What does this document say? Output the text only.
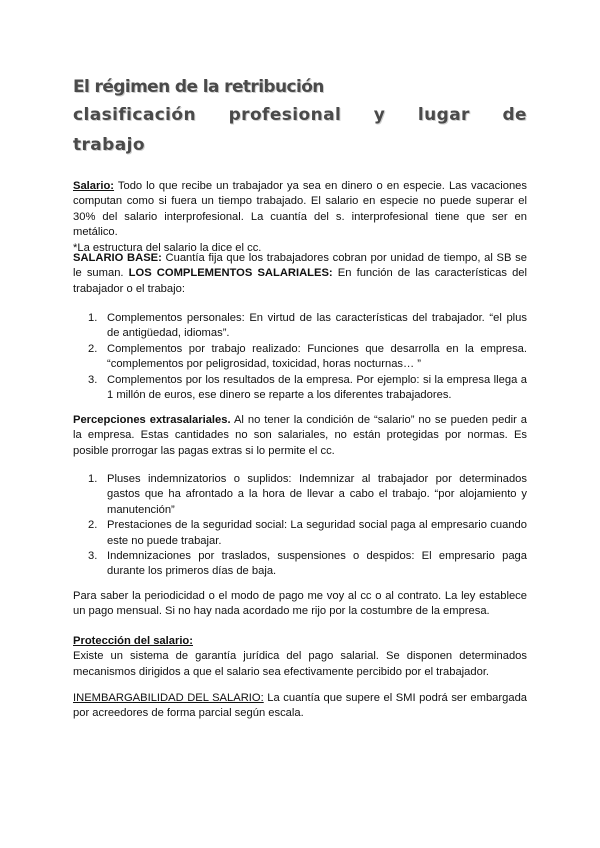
El régimen de la retribución
clasificación profesional y lugar de
trabajo
Salario: Todo lo que recibe un trabajador ya sea en dinero o en especie. Las vacaciones computan como si fuera un tiempo trabajado. El salario en especie no puede superar el 30% del salario interprofesional. La cuantía del s. interprofesional tiene que ser en metálico.
*La estructura del salario la dice el cc.
SALARIO BASE: Cuantía fija que los trabajadores cobran por unidad de tiempo, al SB se le suman. LOS COMPLEMENTOS SALARIALES: En función de las características del trabajador o el trabajo:
1. Complementos personales: En virtud de las características del trabajador. “el plus de antigüedad, idiomas”.
2. Complementos por trabajo realizado: Funciones que desarrolla en la empresa. “complementos por peligrosidad, toxicidad, horas nocturnas… ”
3. Complementos por los resultados de la empresa. Por ejemplo: si la empresa llega a 1 millón de euros, ese dinero se reparte a los diferentes trabajadores.
Percepciones extrasalariales. Al no tener la condición de “salario” no se pueden pedir a la empresa. Estas cantidades no son salariales, no están protegidas por normas. Es posible prorrogar las pagas extras si lo permite el cc.
1. Pluses indemnizatorios o suplidos: Indemnizar al trabajador por determinados gastos que ha afrontado a la hora de llevar a cabo el trabajo. “por alojamiento y manutención”
2. Prestaciones de la seguridad social: La seguridad social paga al empresario cuando este no puede trabajar.
3. Indemnizaciones por traslados, suspensiones o despidos: El empresario paga durante los primeros días de baja.
Para saber la periodicidad o el modo de pago me voy al cc o al contrato. La ley establece un pago mensual. Si no hay nada acordado me rijo por la costumbre de la empresa.
Protección del salario:
Existe un sistema de garantía jurídica del pago salarial. Se disponen determinados mecanismos dirigidos a que el salario sea efectivamente percibido por el trabajador.
INEMBARGABILIDAD DEL SALARIO: La cuantía que supere el SMI podrá ser embargada por acreedores de forma parcial según escala.
